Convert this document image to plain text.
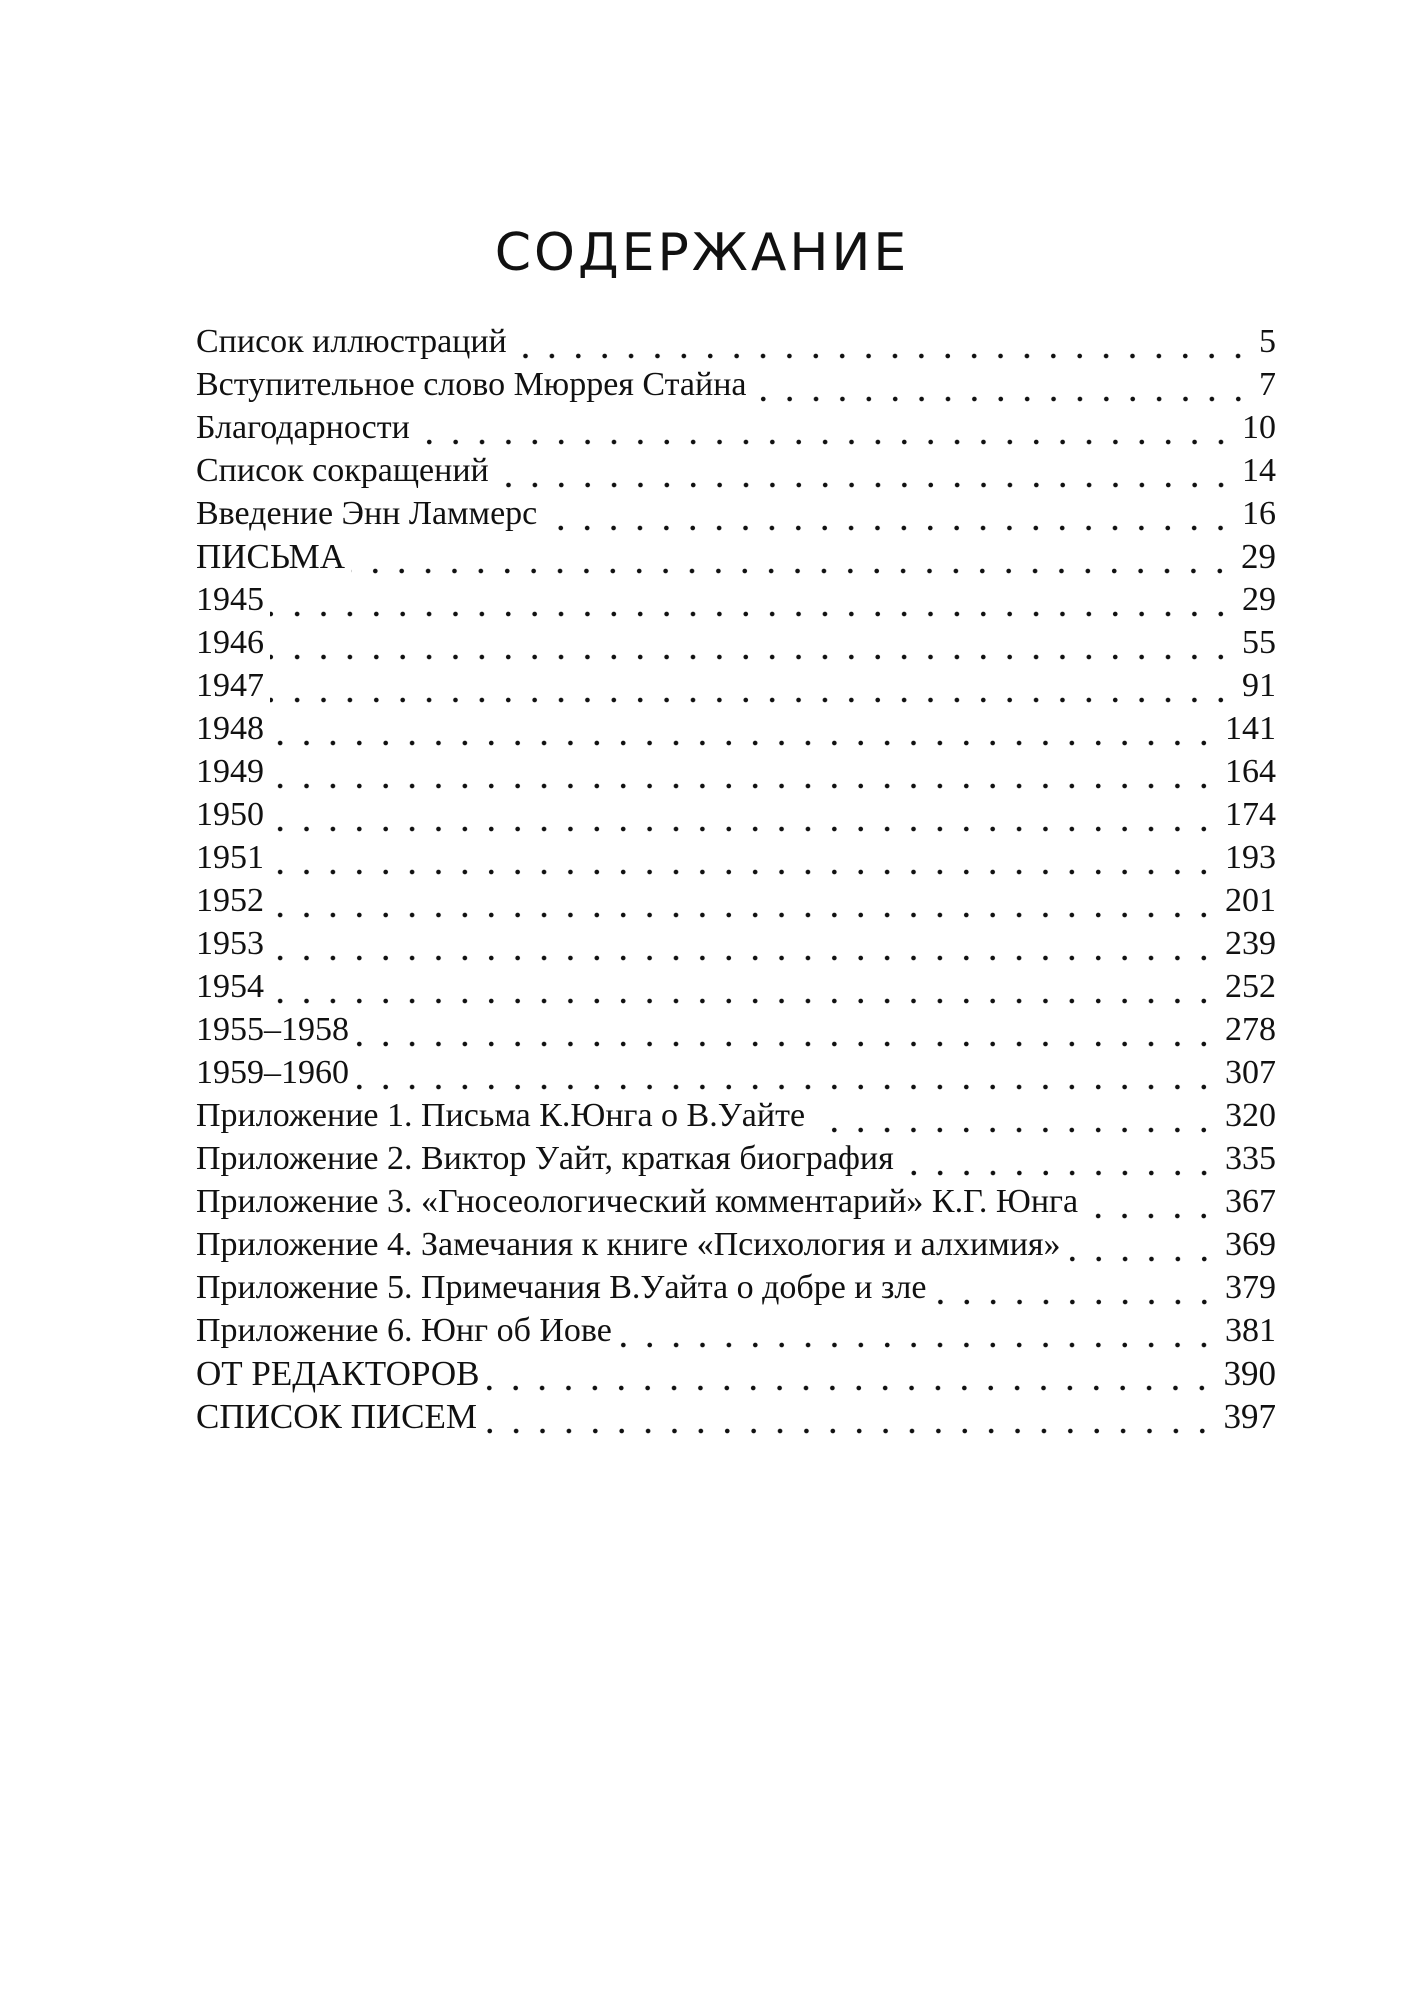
СОДЕРЖАНИЕ
Список иллюстраций	5
Вступительное слово Мюррея Стайна	7
Благодарности	10
Список сокращений	14
Введение Энн Ламмерс	16
ПИСЬМА	29
1945	29
1946	55
1947	91
1948	141
1949	164
1950	174
1951	193
1952	201
1953	239
1954	252
1955–1958	278
1959–1960	307
Приложение 1. Письма К.Юнга о В.Уайте	320
Приложение 2. Виктор Уайт, краткая биография	335
Приложение 3. «Гносеологический комментарий» К.Г. Юнга	367
Приложение 4. Замечания к книге «Психология и алхимия»	369
Приложение 5. Примечания В.Уайта о добре и зле	379
Приложение 6. Юнг об Иове	381
ОТ РЕДАКТОРОВ	390
СПИСОК ПИСЕМ	397
